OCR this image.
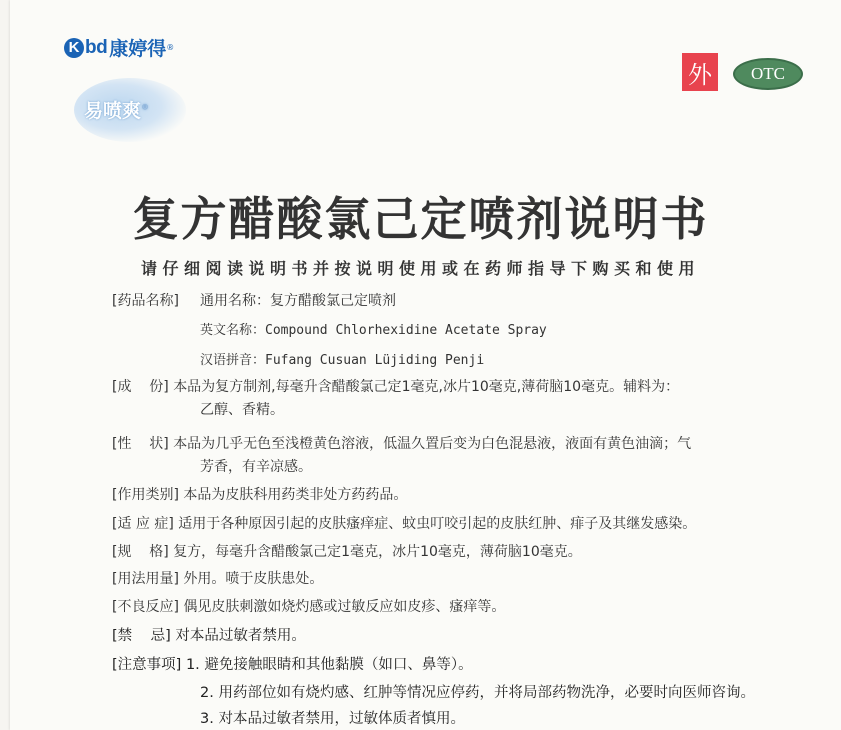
K bd 康婷得 ®
易喷爽®
外	OTC
复方醋酸氯己定喷剂说明书
请仔细阅读说明书并按说明使用或在药师指导下购买和使用
[药品名称] 通用名称：复方醋酸氯己定喷剂
英文名称：Compound Chlorhexidine Acetate Spray
汉语拼音：Fufang Cusuan Lüjiding Penji
[成    份] 本品为复方制剂,每毫升含醋酸氯己定1毫克,冰片10毫克,薄荷脑10毫克。辅料为：
乙醇、香精。
[性    状] 本品为几乎无色至浅橙黄色溶液，低温久置后变为白色混悬液，液面有黄色油滴；气
芳香，有辛凉感。
[作用类别] 本品为皮肤科用药类非处方药药品。
[适 应 症] 适用于各种原因引起的皮肤瘙痒症、蚊虫叮咬引起的皮肤红肿、痱子及其继发感染。
[规    格] 复方，每毫升含醋酸氯己定1毫克，冰片10毫克，薄荷脑10毫克。
[用法用量] 外用。喷于皮肤患处。
[不良反应] 偶见皮肤刺激如烧灼感或过敏反应如皮疹、瘙痒等。
[禁    忌] 对本品过敏者禁用。
[注意事项] 1. 避免接触眼睛和其他黏膜（如口、鼻等）。
2. 用药部位如有烧灼感、红肿等情况应停药，并将局部药物洗净，必要时向医师咨询。
3. 对本品过敏者禁用，过敏体质者慎用。
